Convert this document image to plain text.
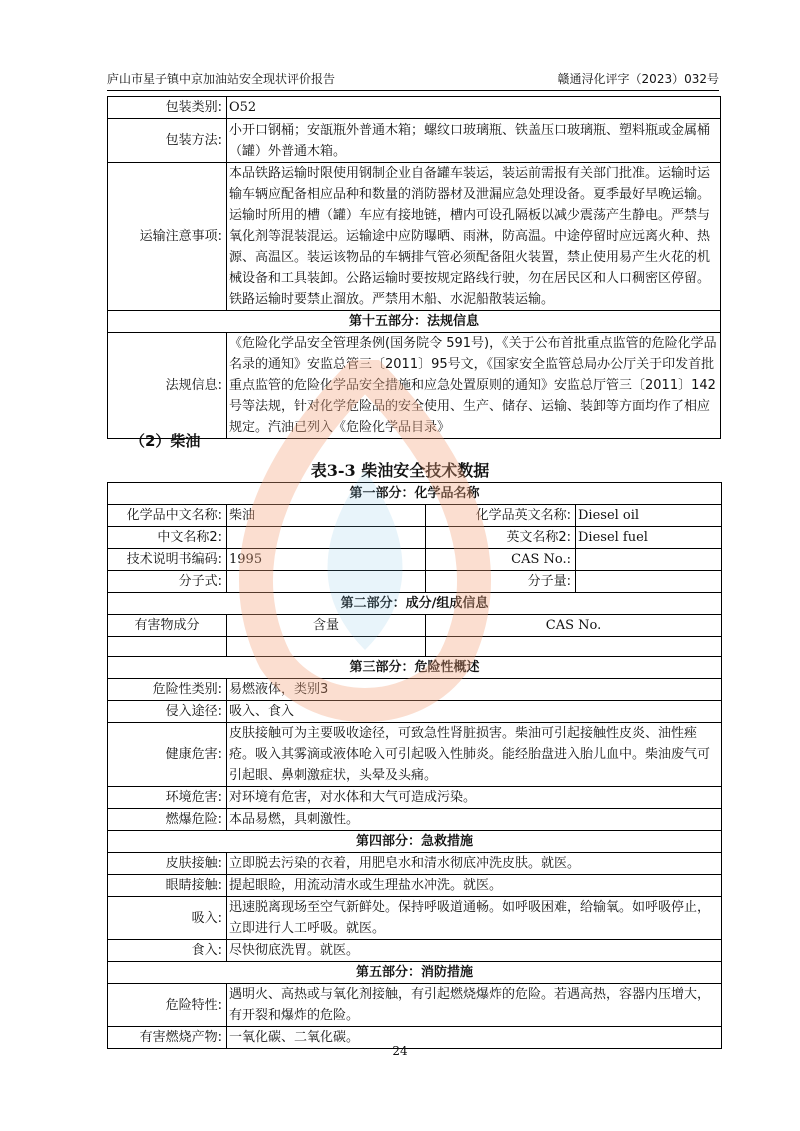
庐山市星子镇中京加油站安全现状评价报告	赣通浔化评字（2023）032号
包装类别:	O52
包装方法:	小开口钢桶；安瓿瓶外普通木箱；螺纹口玻璃瓶、铁盖压口玻璃瓶、塑料瓶或金属桶（罐）外普通木箱。
运输注意事项:	本品铁路运输时限使用钢制企业自备罐车装运，装运前需报有关部门批准。运输时运输车辆应配备相应品种和数量的消防器材及泄漏应急处理设备。夏季最好早晚运输。运输时所用的槽（罐）车应有接地链，槽内可设孔隔板以减少震荡产生静电。严禁与氧化剂等混装混运。运输途中应防曝晒、雨淋，防高温。中途停留时应远离火种、热源、高温区。装运该物品的车辆排气管必须配备阻火装置，禁止使用易产生火花的机械设备和工具装卸。公路运输时要按规定路线行驶，勿在居民区和人口稠密区停留。铁路运输时要禁止溜放。严禁用木船、水泥船散装运输。
第十五部分：法规信息	
法规信息:	《危险化学品安全管理条例(国务院令 591号)，《关于公布首批重点监管的危险化学品名录的通知》安监总管三〔2011〕95号文，《国家安全监管总局办公厅关于印发首批重点监管的危险化学品安全措施和应急处置原则的通知》安监总厅管三〔2011〕142号等法规，针对化学危险品的安全使用、生产、储存、运输、装卸等方面均作了相应规定。汽油已列入《危险化学品目录》
（2）柴油
表3-3 柴油安全技术数据
第一部分：化学品名称			
化学品中文名称:	柴油	化学品英文名称:	Diesel oil
中文名称2:		英文名称2:	Diesel fuel
技术说明书编码:	1995	CAS No.:	
分子式:		分子量:	
第二部分：成分/组成信息			
有害物成分	含量	CAS No.	

第三部分：危险性概述			
危险性类别:	易燃液体，类别3		
侵入途径:	吸入、食入		
健康危害:	皮肤接触可为主要吸收途径，可致急性肾脏损害。柴油可引起接触性皮炎、油性痤疮。吸入其雾滴或液体呛入可引起吸入性肺炎。能经胎盘进入胎儿血中。柴油废气可引起眼、鼻刺激症状，头晕及头痛。		
环境危害:	对环境有危害，对水体和大气可造成污染。		
燃爆危险:	本品易燃，具刺激性。		
第四部分：急救措施			
皮肤接触:	立即脱去污染的衣着，用肥皂水和清水彻底冲洗皮肤。就医。		
眼睛接触:	提起眼睑，用流动清水或生理盐水冲洗。就医。		
吸入:	迅速脱离现场至空气新鲜处。保持呼吸道通畅。如呼吸困难，给输氧。如呼吸停止，立即进行人工呼吸。就医。		
食入:	尽快彻底洗胃。就医。		
第五部分：消防措施			
危险特性:	遇明火、高热或与氧化剂接触，有引起燃烧爆炸的危险。若遇高热，容器内压增大，有开裂和爆炸的危险。		
有害燃烧产物:	一氧化碳、二氧化碳。		
24
